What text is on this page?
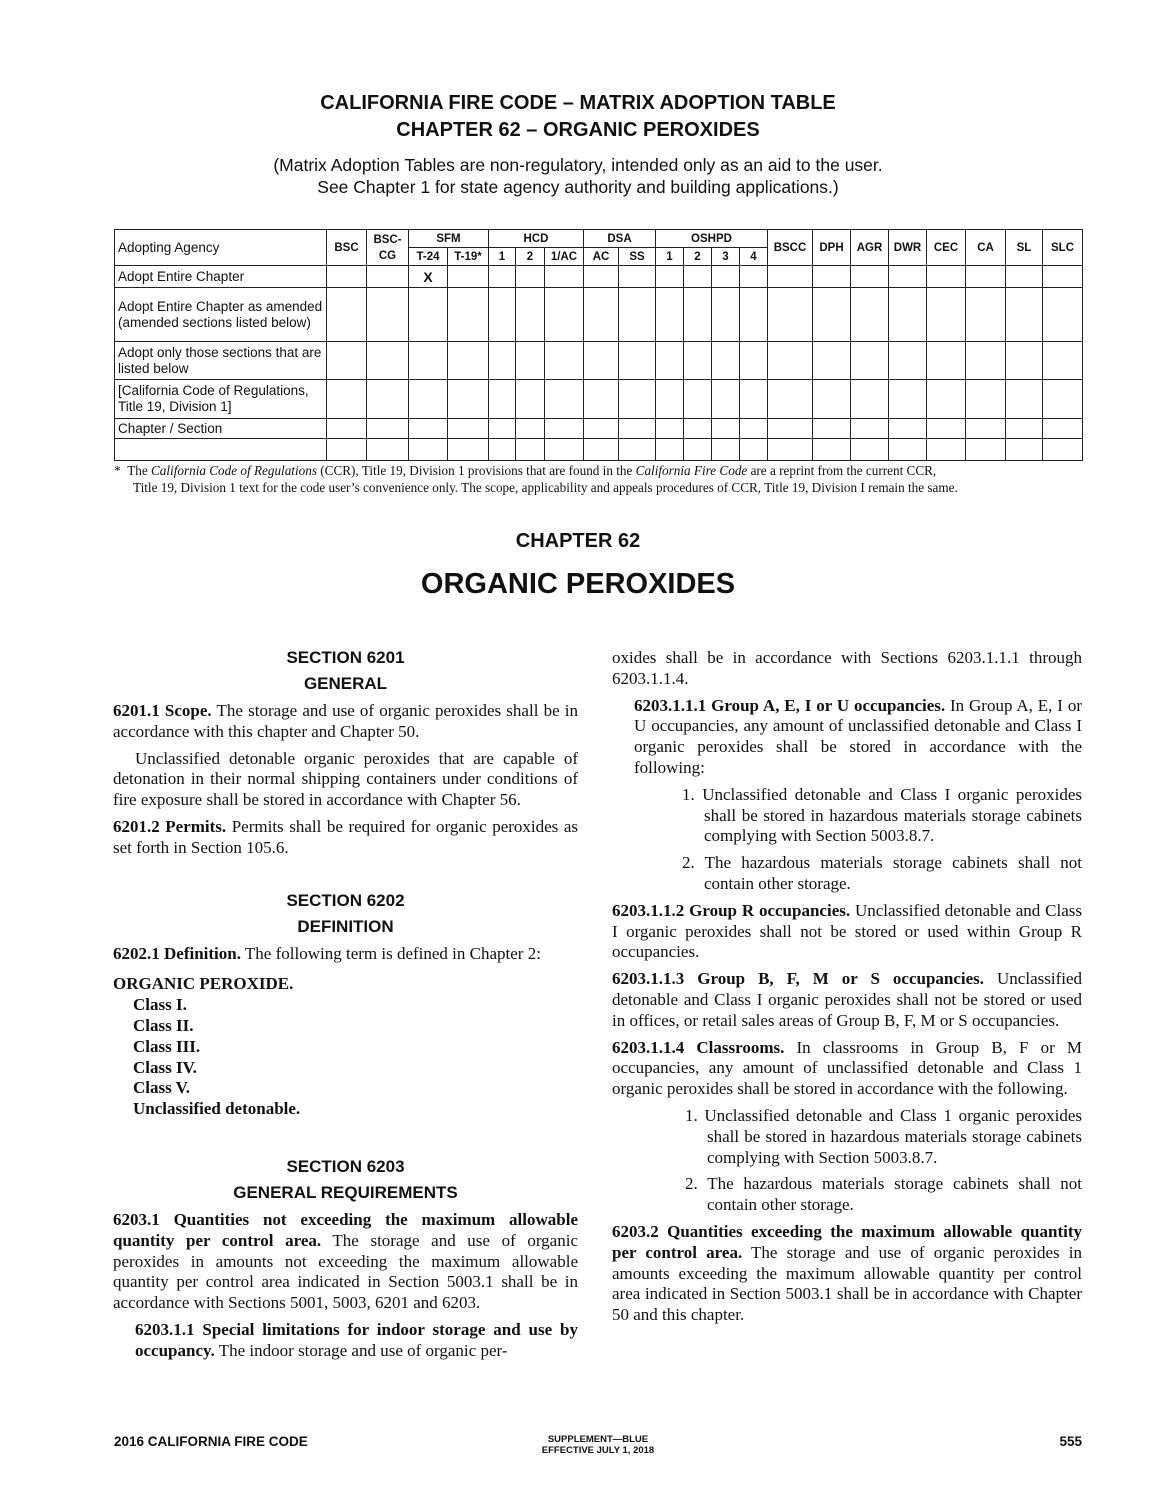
CALIFORNIA FIRE CODE – MATRIX ADOPTION TABLE
CHAPTER 62 – ORGANIC PEROXIDES
(Matrix Adoption Tables are non-regulatory, intended only as an aid to the user.
See Chapter 1 for state agency authority and building applications.)
Adopting Agency	BSC	BSC-CG	SFM		HCD			DSA		OSHPD				BSCC	DPH	AGR	DWR	CEC	CA	SL	SLC
			T-24	T-19*	1	2	1/AC	AC	SS	1	2	3	4								
Adopt Entire Chapter			X																		
Adopt Entire Chapter as amended (amended sections listed below)																					
Adopt only those sections that are listed below																					
[California Code of Regulations, Title 19, Division 1]																					
Chapter / Section																					

* The California Code of Regulations (CCR), Title 19, Division 1 provisions that are found in the California Fire Code are a reprint from the current CCR,
Title 19, Division 1 text for the code user’s convenience only. The scope, applicability and appeals procedures of CCR, Title 19, Division I remain the same.
CHAPTER 62
ORGANIC PEROXIDES

SECTION 6201

GENERAL

6201.1 Scope. The storage and use of organic peroxides shall be in accordance with this chapter and Chapter 50.

Unclassified detonable organic peroxides that are capable of detonation in their normal shipping containers under conditions of fire exposure shall be stored in accordance with Chapter 56.

6201.2 Permits. Permits shall be required for organic peroxides as set forth in Section 105.6.

SECTION 6202

DEFINITION

6202.1 Definition. The following term is defined in Chapter 2:

ORGANIC PEROXIDE.
Class I.
Class II.
Class III.
Class IV.
Class V.
Unclassified detonable.

SECTION 6203

GENERAL REQUIREMENTS

6203.1 Quantities not exceeding the maximum allowable quantity per control area. The storage and use of organic peroxides in amounts not exceeding the maximum allowable quantity per control area indicated in Section 5003.1 shall be in accordance with Sections 5001, 5003, 6201 and 6203.

6203.1.1 Special limitations for indoor storage and use by occupancy. The indoor storage and use of organic per-

oxides shall be in accordance with Sections 6203.1.1.1 through 6203.1.1.4.

6203.1.1.1 Group A, E, I or U occupancies. In Group A, E, I or U occupancies, any amount of unclassified detonable and Class I organic peroxides shall be stored in accordance with the following:

1. Unclassified detonable and Class I organic peroxides shall be stored in hazardous materials storage cabinets complying with Section 5003.8.7.
2. The hazardous materials storage cabinets shall not contain other storage.

6203.1.1.2 Group R occupancies. Unclassified detonable and Class I organic peroxides shall not be stored or used within Group R occupancies.

6203.1.1.3 Group B, F, M or S occupancies. Unclassified detonable and Class I organic peroxides shall not be stored or used in offices, or retail sales areas of Group B, F, M or S occupancies.

6203.1.1.4 Classrooms. In classrooms in Group B, F or M occupancies, any amount of unclassified detonable and Class 1 organic peroxides shall be stored in accordance with the following.

1. Unclassified detonable and Class 1 organic peroxides shall be stored in hazardous materials storage cabinets complying with Section 5003.8.7.
2. The hazardous materials storage cabinets shall not contain other storage.

6203.2 Quantities exceeding the maximum allowable quantity per control area. The storage and use of organic peroxides in amounts exceeding the maximum allowable quantity per control area indicated in Section 5003.1 shall be in accordance with Chapter 50 and this chapter.

2016 CALIFORNIA FIRE CODE	SUPPLEMENT—BLUE
EFFECTIVE JULY 1, 2018
555
